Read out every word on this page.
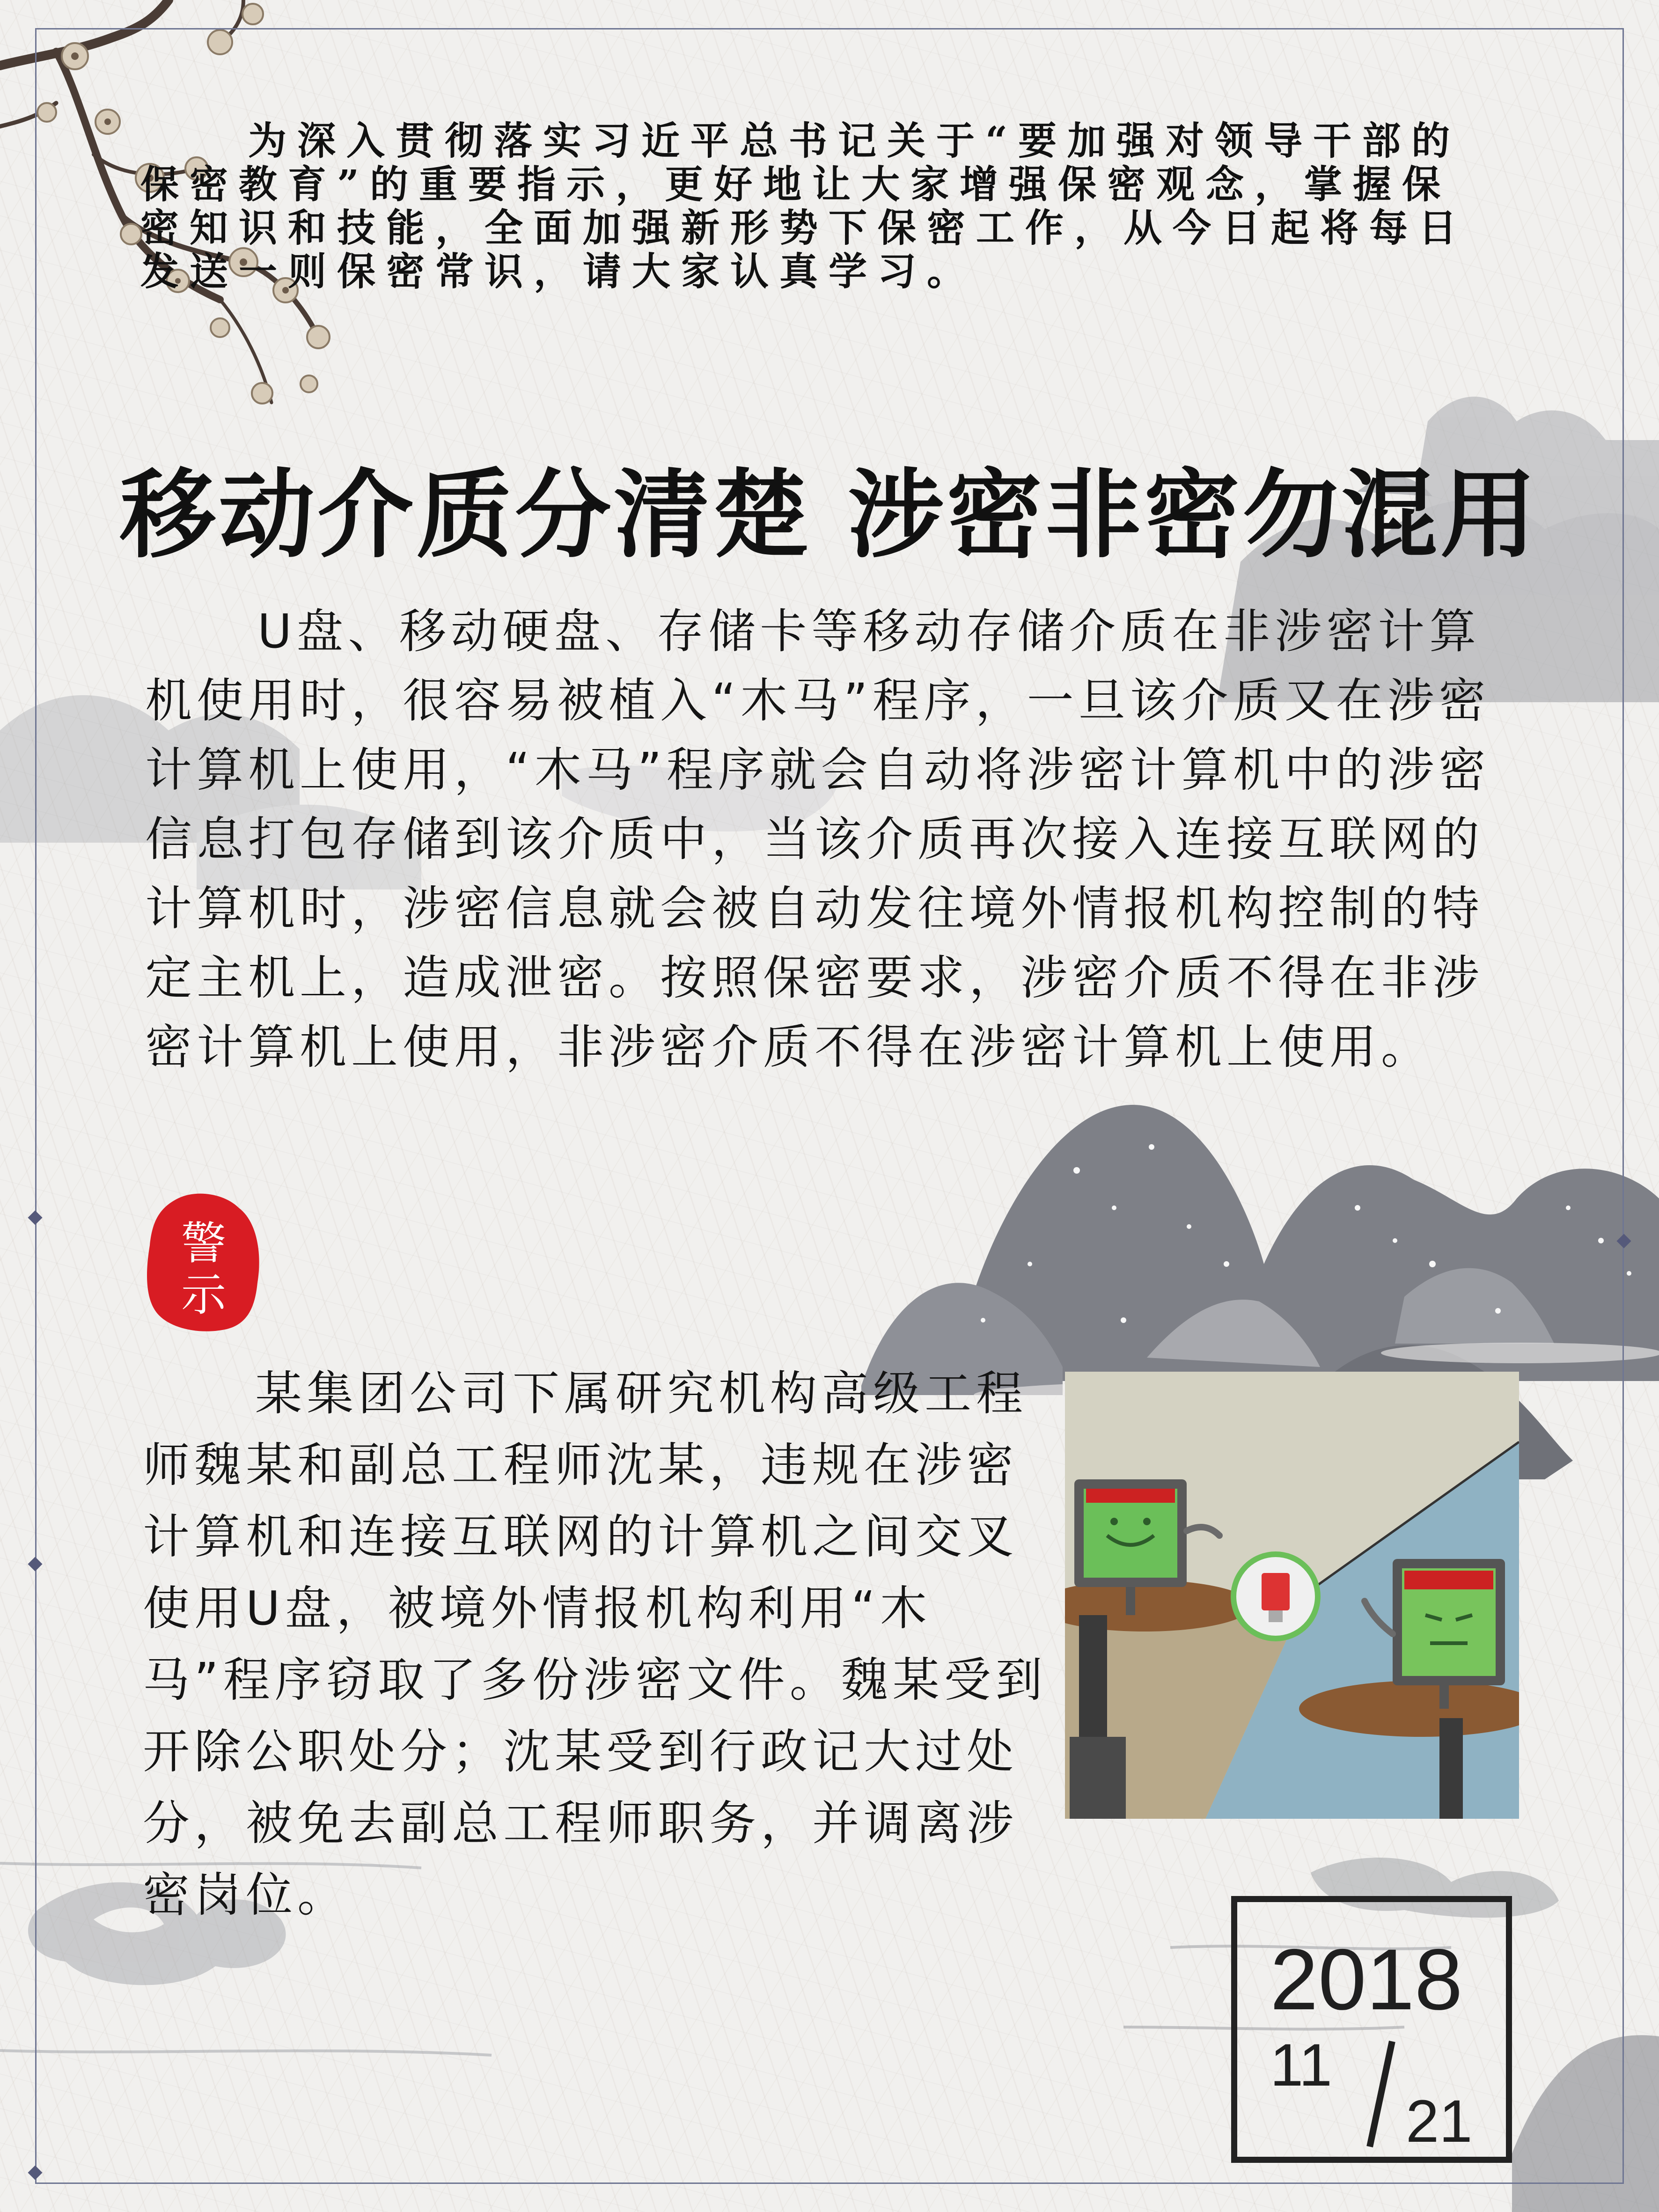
为深入贯彻落实习近平总书记关于“要加强对领导干部的保密教育”的重要指示，更好地让大家增强保密观念，掌握保密知识和技能，全面加强新形势下保密工作，从今日起将每日发送一则保密常识，请大家认真学习。

移动介质分清楚 涉密非密勿混用

U盘、移动硬盘、存储卡等移动存储介质在非涉密计算机使用时，很容易被植入“木马”程序，一旦该介质又在涉密计算机上使用，“木马”程序就会自动将涉密计算机中的涉密信息打包存储到该介质中，当该介质再次接入连接互联网的计算机时，涉密信息就会被自动发往境外情报机构控制的特定主机上，造成泄密。按照保密要求，涉密介质不得在非涉密计算机上使用，非涉密介质不得在涉密计算机上使用。

警
示

某集团公司下属研究机构高级工程师魏某和副总工程师沈某，违规在涉密计算机和连接互联网的计算机之间交叉使用U盘，被境外情报机构利用“木马”程序窃取了多份涉密文件。魏某受到开除公职处分；沈某受到行政记大过处分，被免去副总工程师职务，并调离涉密岗位。

2018
11
21
